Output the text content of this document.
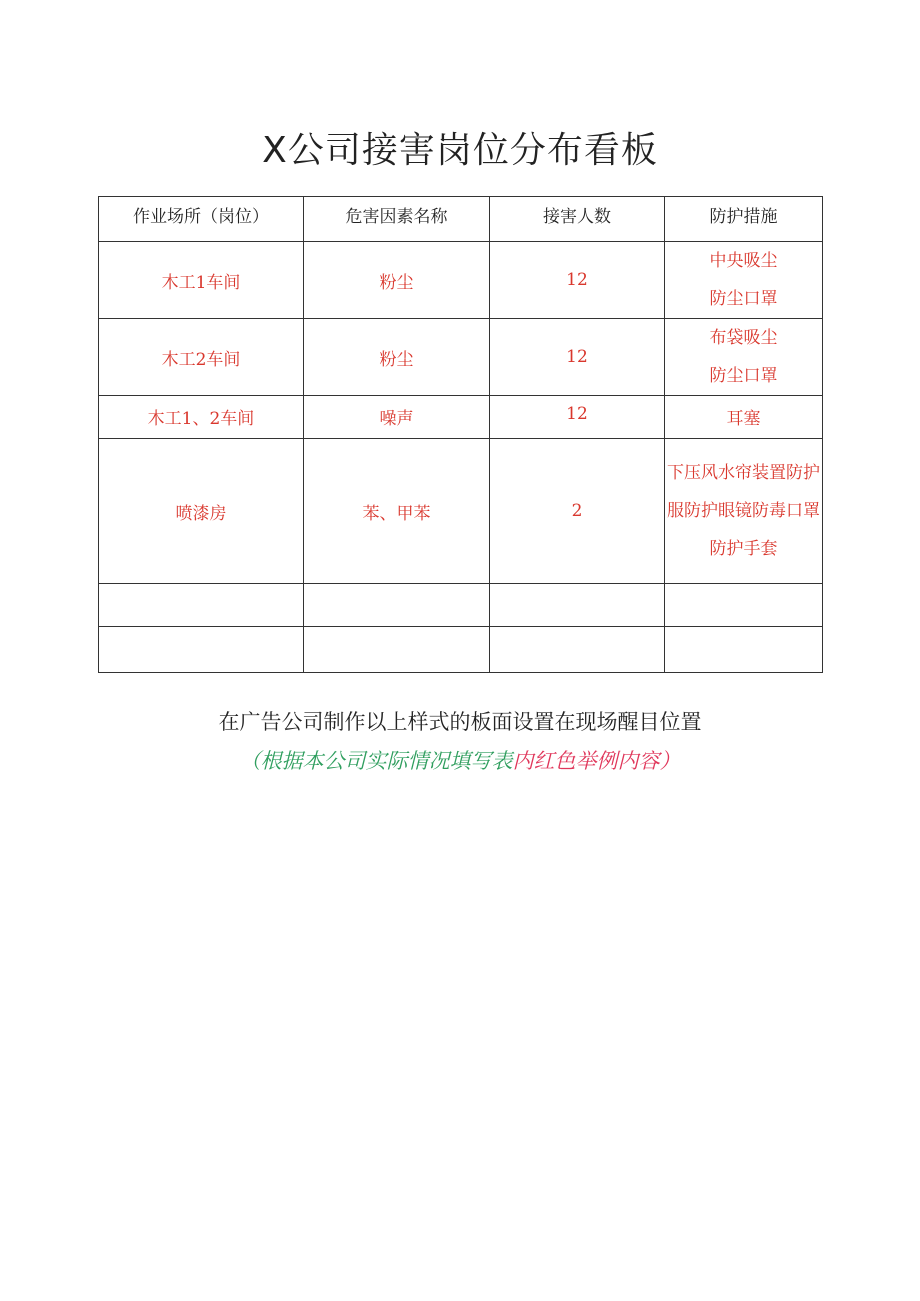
X公司接害岗位分布看板
作业场所（岗位）	危害因素名称	接害人数	防护措施
木工1车间	粉尘	12	中央吸尘
防尘口罩

木工2车间	粉尘	12	布袋吸尘
防尘口罩

木工1、2车间	噪声	12	耳塞
喷漆房	苯、甲苯	2	下压风水帘装置防护服防护眼镜防毒口罩防护手套

在广告公司制作以上样式的板面设置在现场醒目位置
（根据本公司实际情况填写表内红色举例内容）
